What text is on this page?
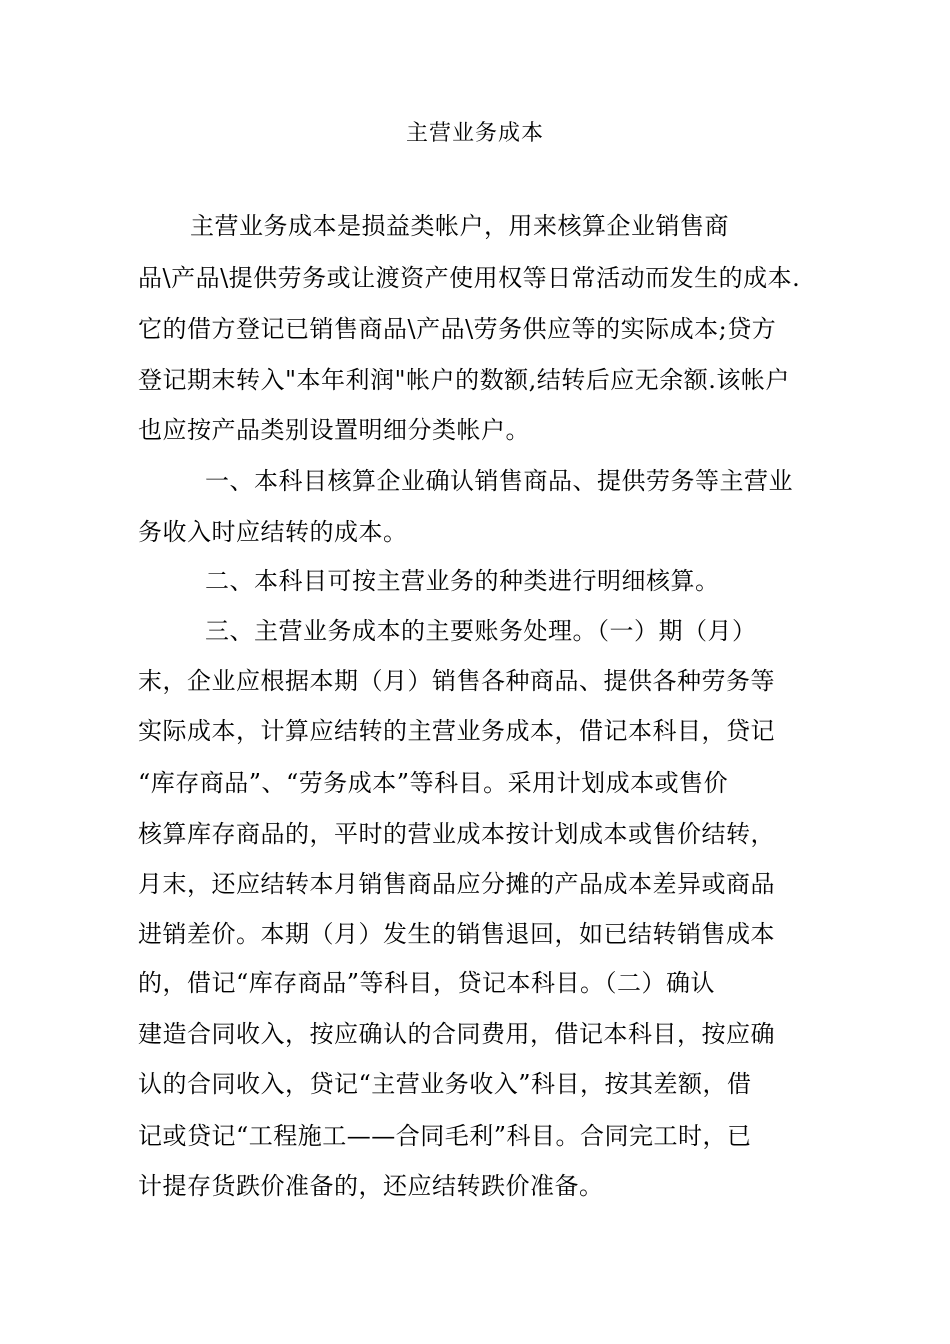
主营业务成本
主营业务成本是损益类帐户，用来核算企业销售商
品\产品\提供劳务或让渡资产使用权等日常活动而发生的成本.
它的借方登记已销售商品\产品\劳务供应等的实际成本;贷方
登记期末转入"本年利润"帐户的数额,结转后应无余额.该帐户
也应按产品类别设置明细分类帐户。
一、本科目核算企业确认销售商品、提供劳务等主营业
务收入时应结转的成本。
二、本科目可按主营业务的种类进行明细核算。
三、主营业务成本的主要账务处理。（一）期（月）
末，企业应根据本期（月）销售各种商品、提供各种劳务等
实际成本，计算应结转的主营业务成本，借记本科目，贷记
“库存商品”、“劳务成本”等科目。采用计划成本或售价
核算库存商品的，平时的营业成本按计划成本或售价结转，
月末，还应结转本月销售商品应分摊的产品成本差异或商品
进销差价。本期（月）发生的销售退回，如已结转销售成本
的，借记“库存商品”等科目，贷记本科目。（二）确认
建造合同收入，按应确认的合同费用，借记本科目，按应确
认的合同收入，贷记“主营业务收入”科目，按其差额，借
记或贷记“工程施工——合同毛利”科目。合同完工时，已
计提存货跌价准备的，还应结转跌价准备。
